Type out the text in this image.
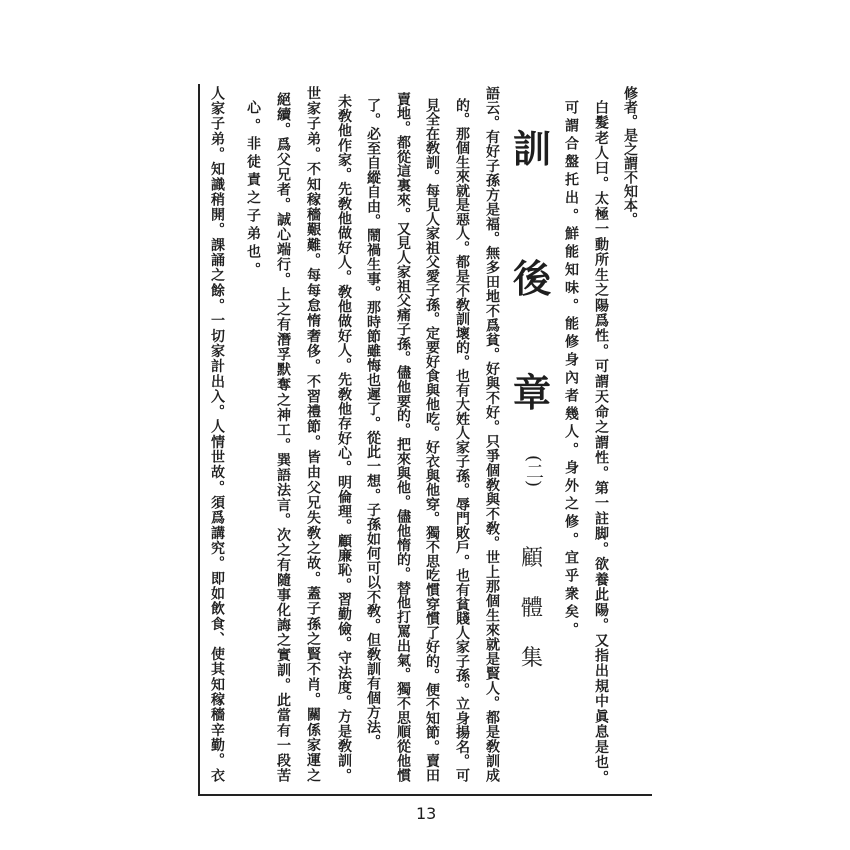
修者。是之謂不知本。
白髮老人曰。太極一動所生之陽爲性。可謂天命之謂性。第一註脚。欲養此陽。又指出規中眞息是也。
可謂合盤托出。鮮能知味。能修身內者幾人。身外之修。宜乎衆矣。
訓
後
章
(二)
顧
體
集
語云。有好子孫方是福。無多田地不爲貧。好與不好。只爭個敎與不敎。世上那個生來就是賢人。都是敎訓成
的。那個生來就是惡人。都是不敎訓壞的。也有大姓人家子孫。辱門敗戶。也有貧賤人家子孫。立身揚名。可
見全在敎訓。每見人家祖父愛子孫。定要好食與他吃。好衣與他穿。獨不思吃慣穿慣了好的。便不知節。賣田
賣地。都從這裏來。又見人家祖父痛子孫。儘他要的。把來與他。儘他惰的。替他打罵出氣。獨不思順從他慣
了。必至自縱自由。鬧禍生事。那時節雖悔也遲了。從此一想。子孫如何可以不敎。但敎訓有個方法。
未敎他作家。先敎他做好人。敎他做好人。先敎他存好心。明倫理。顧廉恥。習勤儉。守法度。方是敎訓。
世家子弟。不知稼穡艱難。每每怠惰奢侈。不習禮節。皆由父兄失敎之故。蓋子孫之賢不肖。關係家運之
絕續。爲父兄者。誠心端行。上之有潛孚默奪之神工。巽語法言。次之有隨事化誨之實訓。此當有一段苦
心。非徒責之子弟也。
人家子弟。知識稍開。課誦之餘。一切家計出入。人情世故。須爲講究。即如飲食、使其知稼穡辛勤。衣
13
